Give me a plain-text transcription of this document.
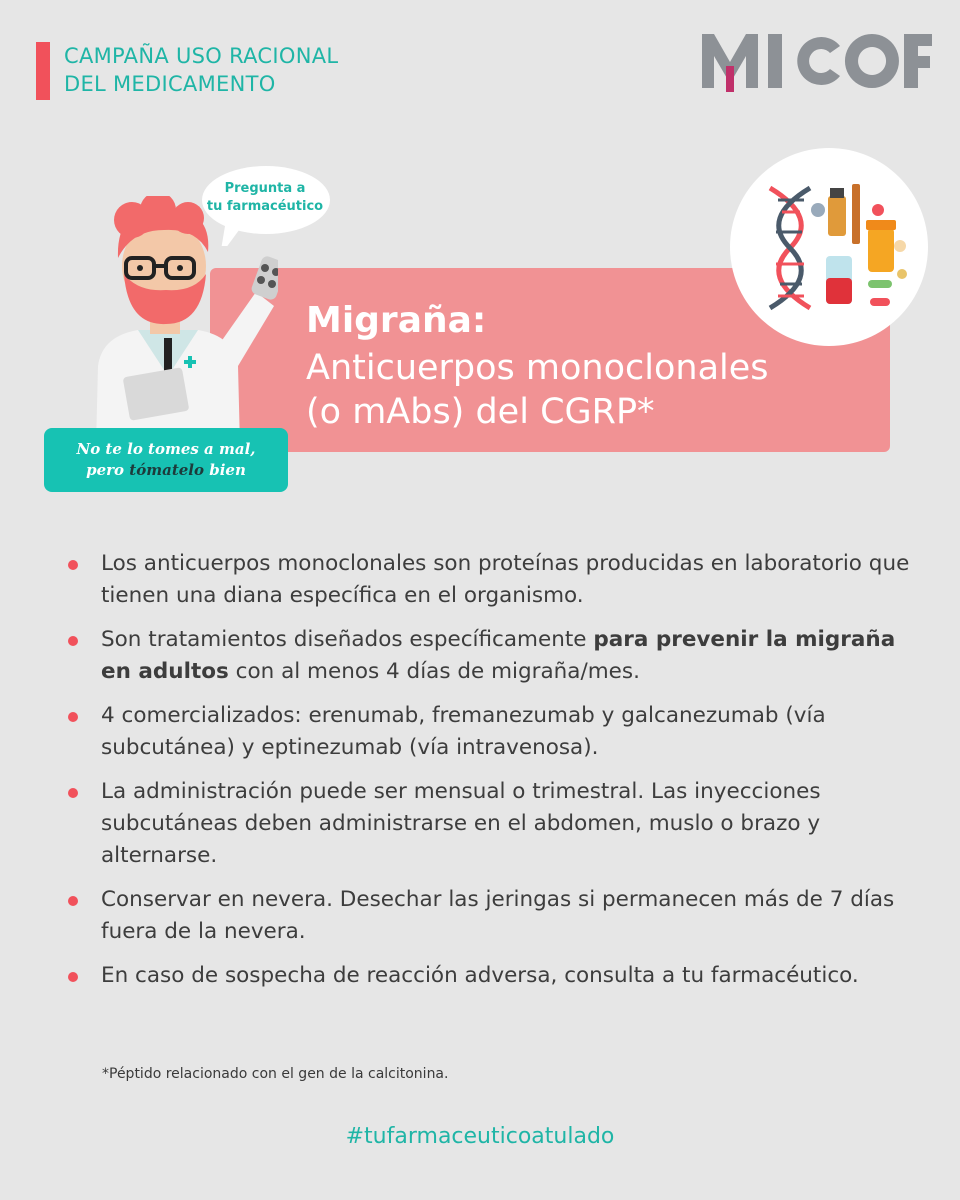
CAMPAÑA USO RACIONAL
DEL MEDICAMENTO
Pregunta a
tu farmacéutico
Migraña:
Anticuerpos monoclonales
(o mAbs) del CGRP*
No te lo tomes a mal,
pero tómatelo bien
Los anticuerpos monoclonales son proteínas producidas en laboratorio que tienen una diana específica en el organismo.
Son tratamientos diseñados específicamente para prevenir la migraña en adultos con al menos 4 días de migraña/mes.
4 comercializados: erenumab, fremanezumab y galcanezumab (vía subcutánea) y eptinezumab (vía intravenosa).
La administración puede ser mensual o trimestral. Las inyecciones subcutáneas deben administrarse en el abdomen, muslo o brazo y alternarse.
Conservar en nevera. Desechar las jeringas si permanecen más de 7 días fuera de la nevera.
En caso de sospecha de reacción adversa, consulta a tu farmacéutico.
*Péptido relacionado con el gen de la calcitonina.
#tufarmaceuticoatulado
